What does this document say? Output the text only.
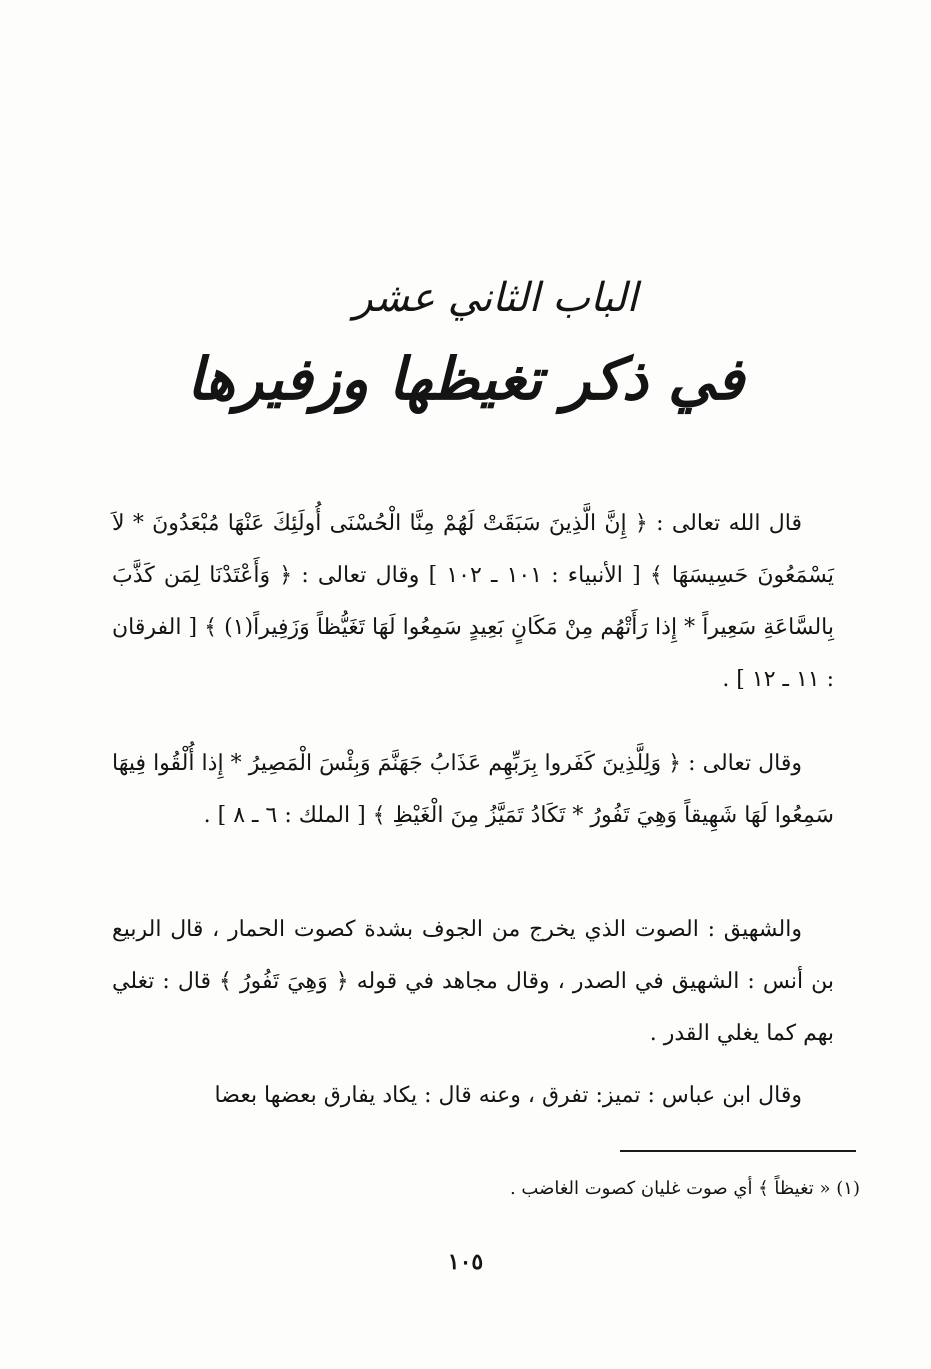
الباب الثاني عشر
في ذكر تغيظها وزفيرها

قال الله تعالى : ﴿ إِنَّ الَّذِينَ سَبَقَتْ لَهُمْ مِنَّا الْحُسْنَى أُولَئِكَ عَنْهَا مُبْعَدُونَ * لاَ يَسْمَعُونَ حَسِيسَهَا ﴾ [ الأنبياء : ١٠١ ـ ١٠٢ ] وقال تعالى : ﴿ وَأَعْتَدْنَا لِمَن كَذَّبَ بِالسَّاعَةِ سَعِيراً * إِذا رَأَتْهُم مِنْ مَكَانٍ بَعِيدٍ سَمِعُوا لَهَا تَغَيُّظاً وَزَفِيراً(١) ﴾ [ الفرقان : ١١ ـ ١٢ ] .

وقال تعالى : ﴿ وَلِلَّذِينَ كَفَروا بِرَبِّهِم عَذَابُ جَهَنَّمَ وَبِئْسَ الْمَصِيرُ * إِذا أُلْقُوا فِيهَا سَمِعُوا لَهَا شَهِيقاً وَهِيَ تَفُورُ * تَكَادُ تَمَيَّزُ مِنَ الْغَيْظِ ﴾ [ الملك : ٦ ـ ٨ ] .

والشهيق : الصوت الذي يخرج من الجوف بشدة كصوت الحمار ، قال الربيع بن أنس : الشهيق في الصدر ، وقال مجاهد في قوله ﴿ وَهِيَ تَفُورُ ﴾ قال : تغلي بهم كما يغلي القدر .

وقال ابن عباس : تميز: تفرق ، وعنه قال : يكاد يفارق بعضها بعضا

(١) « تغيظاً ﴾ أي صوت غليان كصوت الغاضب .
١٠٥
